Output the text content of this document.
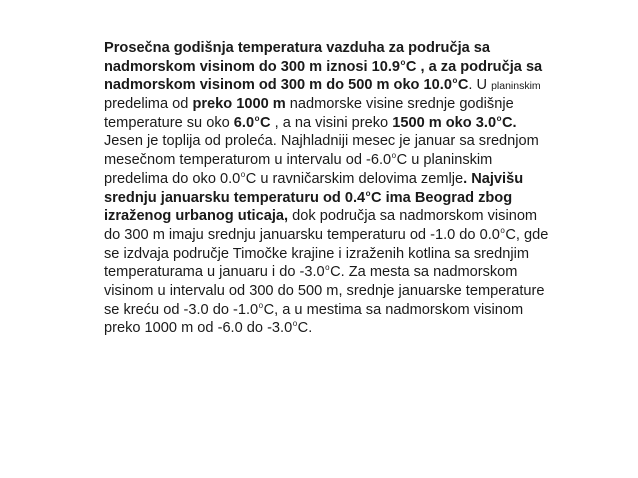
Prosečna godišnja temperatura vazduha za područja sa
nadmorskom visinom do 300 m iznosi 10.9$^o$C , a za područja sa
nadmorskom visinom od 300 m do 500 m oko 10.0$^o$C. U planinskim
predelima od preko 1000 m nadmorske visine srednje godišnje
temperature su oko 6.0$^o$C , a na visini preko 1500 m oko 3.0$^o$C.
Jesen je toplija od proleća. Najhladniji mesec je januar sa srednjom
mesečnom temperaturom u intervalu od -6.0$^o$C u planinskim
predelima do oko 0.0$^o$C u ravničarskim delovima zemlje. Najvišu
srednju januarsku temperaturu od 0.4$^o$C ima Beograd zbog
izraženog urbanog uticaja, dok područja sa nadmorskom visinom
do 300 m imaju srednju januarsku temperaturu od -1.0 do 0.0$^o$C, gde
se izdvaja područje Timočke krajine i izraženih kotlina sa srednjim
temperaturama u januaru i do -3.0$^o$C. Za mesta sa nadmorskom
visinom u intervalu od 300 do 500 m, srednje januarske temperature
se kreću od -3.0 do -1.0$^o$C, a u mestima sa nadmorskom visinom
preko 1000 m od -6.0 do -3.0$^o$C.
